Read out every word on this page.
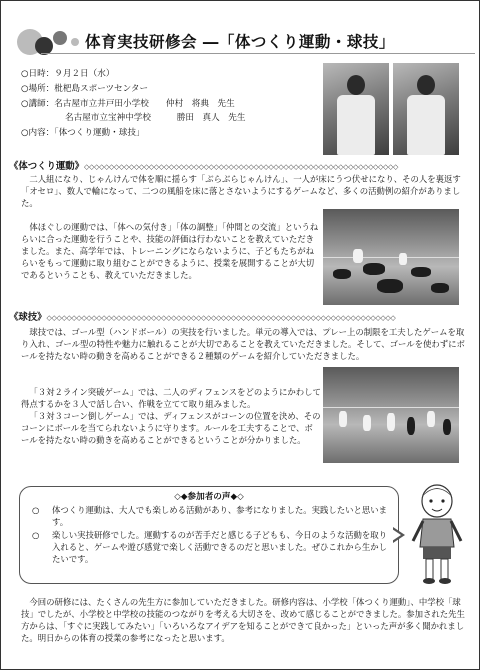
体育実技研修会 ―「体つくり運動・球技」
○日時：９月２日（水）
○場所：枇杷島スポーツセンター
○講師：名古屋市立井戸田小学校　　仲村　将典　先生
名古屋市立宝神中学校　　　勝田　真人　先生
○内容：「体つくり運動・球技」
《体つくり運動》◇◇◇◇◇◇◇◇◇◇◇◇◇◇◇◇◇◇◇◇◇◇◇◇◇◇◇◇◇◇◇◇◇◇◇◇◇◇◇◇◇◇◇◇◇◇◇◇◇◇◇◇◇◇◇◇◇◇◇◇◇◇◇
二人組になり、じゃんけんで体を順に揺らす「ぶらぶらじゃんけん」、一人が床にうつ伏せになり、その人を裏返す「オセロ」、数人で輪になって、二つの風船を床に落とさないようにするゲームなど、多くの活動例の紹介がありました。
体ほぐしの運動では、「体への気付き」「体の調整」「仲間との交流」というねらいに合った運動を行うことや、技能の評価は行わないことを教えていただきました。また、高学年では、トレーニングにならないように、子どもたちがねらいをもって運動に取り組むことができるように、授業を展開することが大切であるということも、教えていただきました。
《球技》◇◇◇◇◇◇◇◇◇◇◇◇◇◇◇◇◇◇◇◇◇◇◇◇◇◇◇◇◇◇◇◇◇◇◇◇◇◇◇◇◇◇◇◇◇◇◇◇◇◇◇◇◇◇◇◇◇◇◇◇◇◇◇◇◇◇◇◇◇◇
球技では、ゴール型（ハンドボール）の実技を行いました。単元の導入では、プレー上の制限を工夫したゲームを取り入れ、ゴール型の特性や魅力に触れることが大切であることを教えていただきました。そして、ゴールを使わずにボールを持たない時の動きを高めることができる２種類のゲームを紹介していただきました。
「３対２ライン突破ゲーム」では、二人のディフェンスをどのようにかわして得点するかを３人で話し合い、作戦を立てて取り組みました。
「３対３コーン倒しゲーム」では、ディフェンスがコーンの位置を決め、そのコーンにボールを当てられないように守ります。ルールを工夫することで、ボールを持たない時の動きを高めることができるということが分かりました。
◇◆参加者の声◆◇
○ 体つくり運動は、大人でも楽しめる活動があり、参考になりました。実践したいと思います。
○ 楽しい実技研修でした。運動するのが苦手だと感じる子どもも、今日のような活動を取り入れると、ゲームや遊び感覚で楽しく活動できるのだと思いました。ぜひこれから生かしたいです。
今回の研修には、たくさんの先生方に参加していただきました。研修内容は、小学校「体つくり運動」、中学校「球技」でしたが、小学校と中学校の技能のつながりを考える大切さを、改めて感じることができました。参加された先生方からは、「すぐに実践してみたい」「いろいろなアイデアを知ることができて良かった」といった声が多く聞かれました。明日からの体育の授業の参考になったと思います。
